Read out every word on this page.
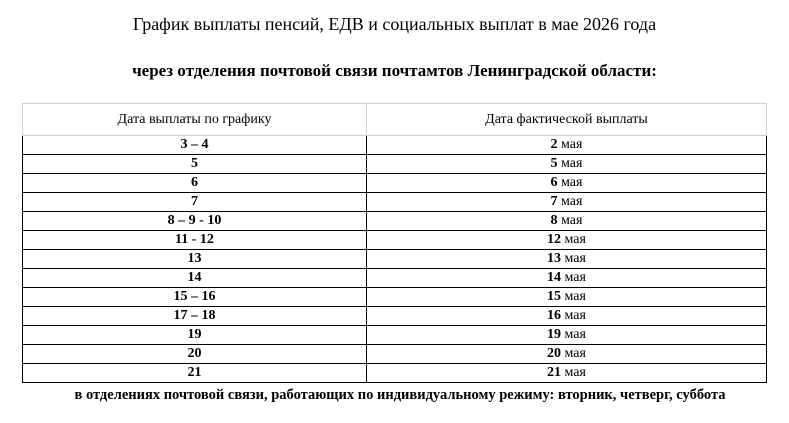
График выплаты пенсий, ЕДВ и социальных выплат в мае 2026 года
через отделения почтовой связи почтамтов Ленинградской области:
Дата выплаты по графику	Дата фактической выплаты
3 – 4	2 мая
5	5 мая
6	6 мая
7	7 мая
8 – 9 - 10	8 мая
11 - 12	12 мая
13	13 мая
14	14 мая
15 – 16	15 мая
17 – 18	16 мая
19	19 мая
20	20 мая
21	21 мая
в отделениях почтовой связи, работающих по индивидуальному режиму: вторник, четверг, суббота
